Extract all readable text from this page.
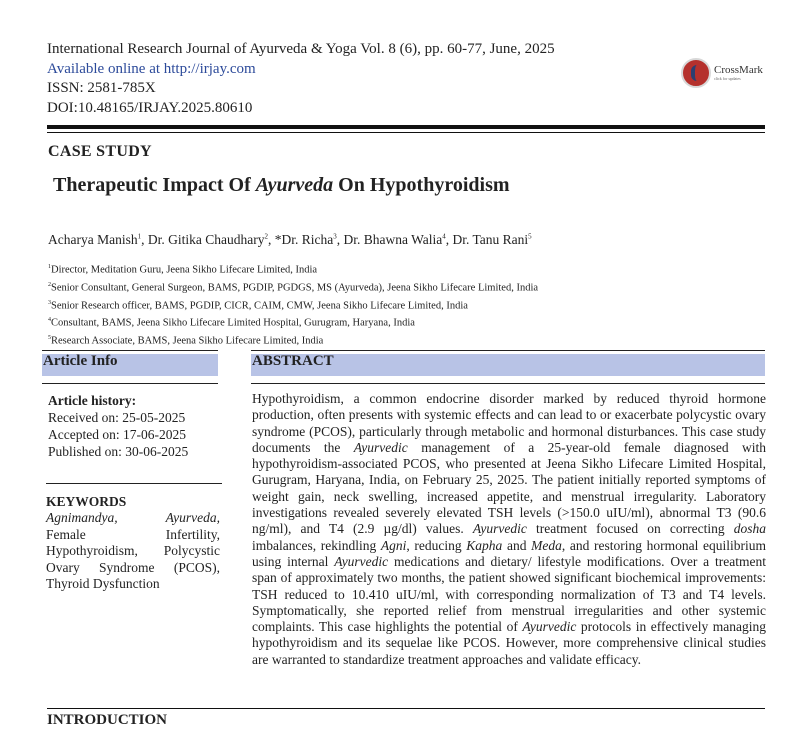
International Research Journal of Ayurveda & Yoga Vol. 8 (6), pp. 60-77, June, 2025
Available online at http://irjay.com
ISSN: 2581-785X
DOI:10.48165/IRJAY.2025.80610
CrossMark
click for updates
CASE STUDY
Therapeutic Impact Of Ayurveda On Hypothyroidism
Acharya Manish$^1$, Dr. Gitika Chaudhary$^2$, *Dr. Richa$^3$, Dr. Bhawna Walia$^4$, Dr. Tanu Rani$^5$
$^1$Director, Meditation Guru, Jeena Sikho Lifecare Limited, India
$^2$Senior Consultant, General Surgeon, BAMS, PGDIP, PGDGS, MS (Ayurveda), Jeena Sikho Lifecare Limited, India
$^3$Senior Research officer, BAMS, PGDIP, CICR, CAIM, CMW, Jeena Sikho Lifecare Limited, India
$^4$Consultant, BAMS, Jeena Sikho Lifecare Limited Hospital, Gurugram, Haryana, India
$^5$Research Associate, BAMS, Jeena Sikho Lifecare Limited, India
Article Info
Article history:
Received on: 25-05-2025
Accepted on: 17-06-2025
Published on: 30-06-2025
KEYWORDS
Agnimandya,         Ayurveda, Female Infertility, Hypothyroidism, Polycystic Ovary Syndrome (PCOS), Thyroid Dysfunction
ABSTRACT
Hypothyroidism, a common endocrine disorder marked by reduced thyroid hormone production, often presents with systemic effects and can lead to or exacerbate polycystic ovary syndrome (PCOS), particularly through metabolic and hormonal disturbances. This case study documents the Ayurvedic management of a 25-year-old female diagnosed with hypothyroidism-associated PCOS, who presented at Jeena Sikho Lifecare Limited Hospital, Gurugram, Haryana, India, on February 25, 2025. The patient initially reported symptoms of weight gain, neck swelling, increased appetite, and menstrual irregularity. Laboratory investigations revealed severely elevated TSH levels (>150.0 uIU/ml), abnormal T3 (90.6 ng/ml), and T4 (2.9 µg/dl) values. Ayurvedic treatment focused on correcting dosha imbalances, rekindling Agni, reducing Kapha and Meda, and restoring hormonal equilibrium using internal Ayurvedic medications and dietary/ lifestyle modifications. Over a treatment span of approximately two months, the patient showed significant biochemical improvements: TSH reduced to 10.410 uIU/ml, with corresponding normalization of T3 and T4 levels. Symptomatically, she reported relief from menstrual irregularities and other systemic complaints. This case highlights the potential of Ayurvedic protocols in effectively managing hypothyroidism and its sequelae like PCOS. However, more comprehensive clinical studies are warranted to standardize treatment approaches and validate efficacy.
INTRODUCTION
